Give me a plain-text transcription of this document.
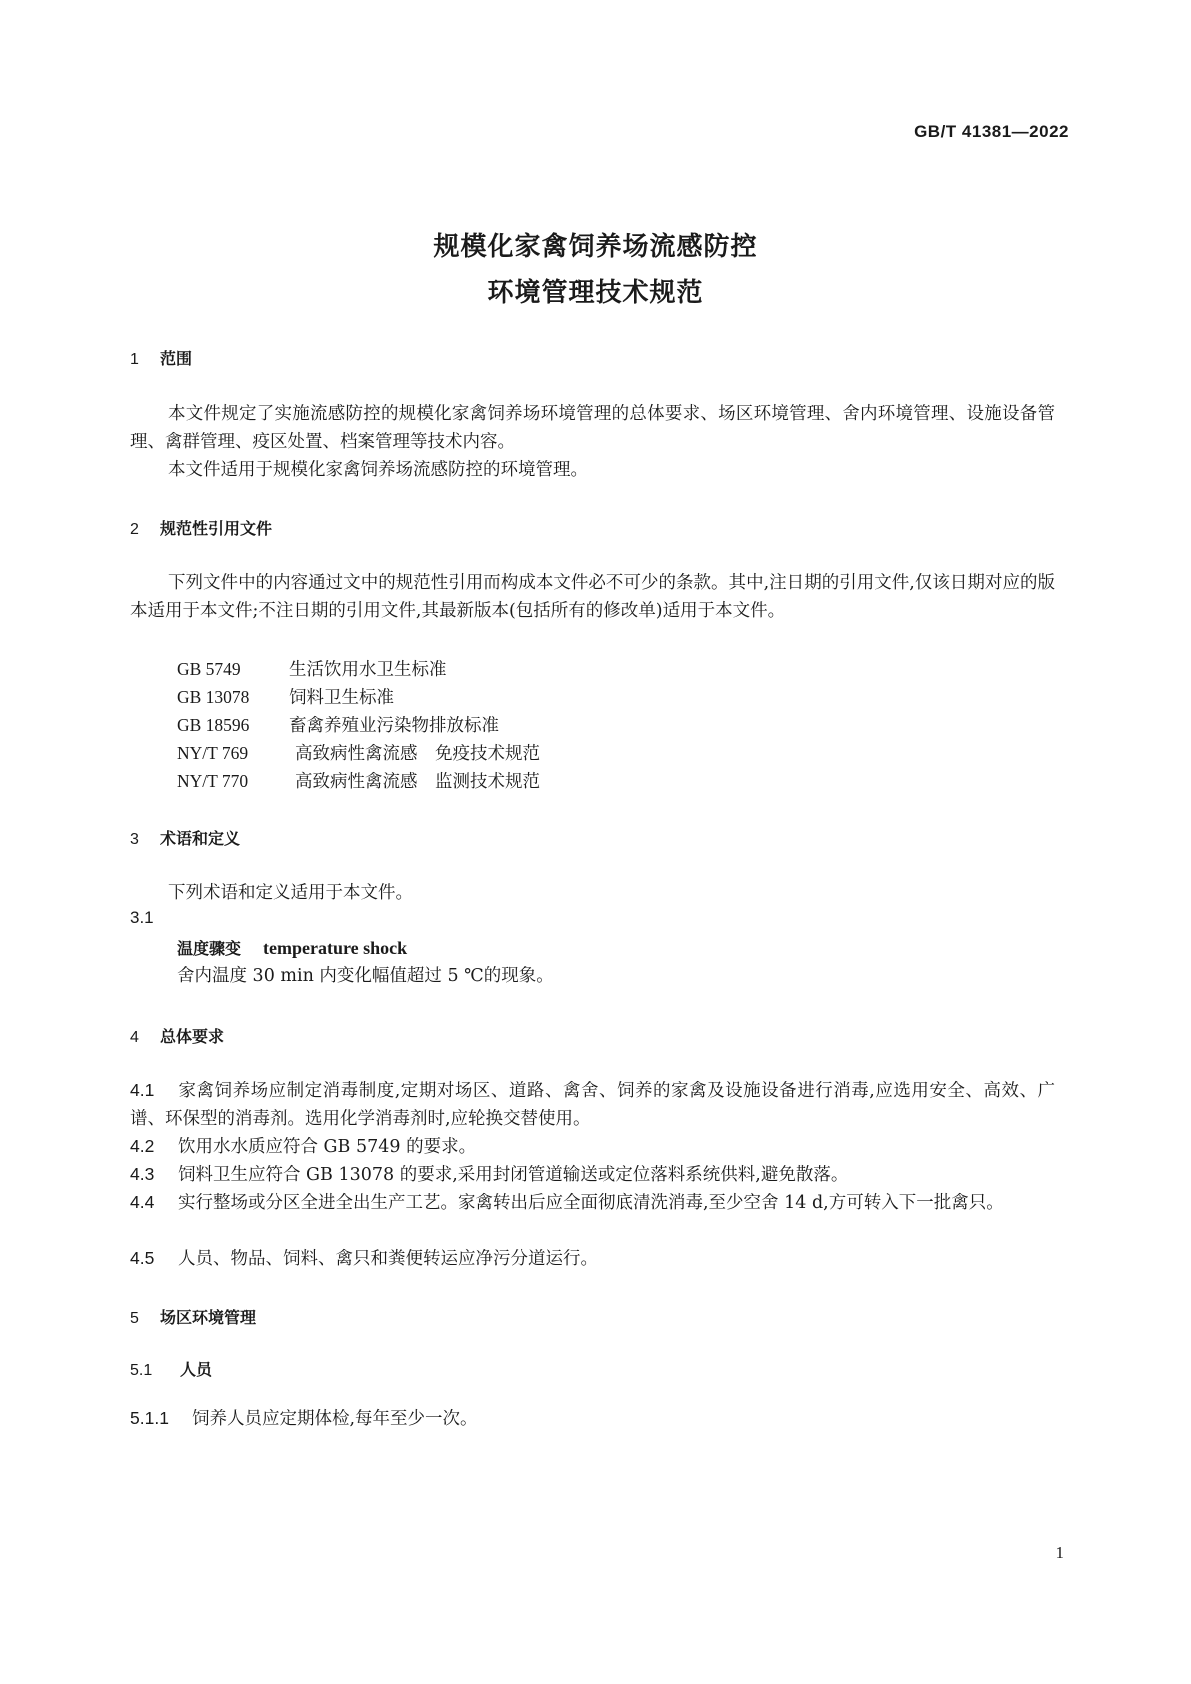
GB/T 41381—2022
规模化家禽饲养场流感防控
环境管理技术规范
1 范围
本文件规定了实施流感防控的规模化家禽饲养场环境管理的总体要求、场区环境管理、舍内环境管理、设施设备管理、禽群管理、疫区处置、档案管理等技术内容。
本文件适用于规模化家禽饲养场流感防控的环境管理。
2 规范性引用文件
下列文件中的内容通过文中的规范性引用而构成本文件必不可少的条款。其中,注日期的引用文件,仅该日期对应的版本适用于本文件;不注日期的引用文件,其最新版本(包括所有的修改单)适用于本文件。
GB 5749	生活饮用水卫生标准
GB 13078 饲料卫生标准
GB 18596 畜禽养殖业污染物排放标准
NY/T 769	高致病性禽流感　免疫技术规范
NY/T 770	高致病性禽流感　监测技术规范
3 术语和定义
下列术语和定义适用于本文件。
3.1
温度骤变 temperature shock
舍内温度 30 min 内变化幅值超过 5 ℃的现象。
4 总体要求
4.1 家禽饲养场应制定消毒制度,定期对场区、道路、禽舍、饲养的家禽及设施设备进行消毒,应选用安全、高效、广谱、环保型的消毒剂。选用化学消毒剂时,应轮换交替使用。
4.2 饮用水水质应符合 GB 5749 的要求。
4.3 饲料卫生应符合 GB 13078 的要求,采用封闭管道输送或定位落料系统供料,避免散落。
4.4 实行整场或分区全进全出生产工艺。家禽转出后应全面彻底清洗消毒,至少空舍 14 d,方可转入下一批禽只。
4.5 人员、物品、饲料、禽只和粪便转运应净污分道运行。
5 场区环境管理
5.1 人员
5.1.1 饲养人员应定期体检,每年至少一次。
1
